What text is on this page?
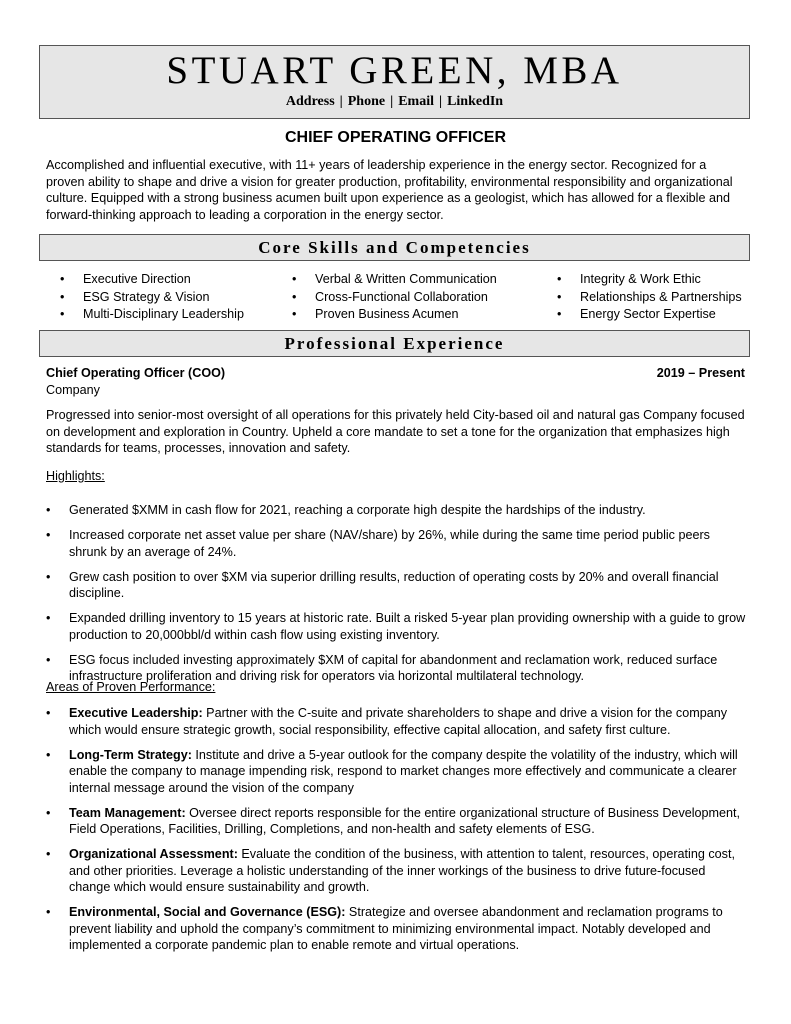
STUART GREEN, MBA
Address | Phone | Email | LinkedIn
CHIEF OPERATING OFFICER
Accomplished and influential executive, with 11+ years of leadership experience in the energy sector. Recognized for a proven ability to shape and drive a vision for greater production, profitability, environmental responsibility and organizational culture. Equipped with a strong business acumen built upon experience as a geologist, which has allowed for a flexible and forward-thinking approach to leading a corporation in the energy sector.
Core Skills and Competencies
• Executive Direction
• ESG Strategy & Vision
• Multi-Disciplinary Leadership
• Verbal & Written Communication
• Cross-Functional Collaboration
• Proven Business Acumen
• Integrity & Work Ethic
• Relationships & Partnerships
• Energy Sector Expertise
Professional Experience
Chief Operating Officer (COO)	2019 – Present
Company
Progressed into senior-most oversight of all operations for this privately held City-based oil and natural gas Company focused on development and exploration in Country. Upheld a core mandate to set a tone for the organization that emphasizes high standards for teams, processes, innovation and safety.
Highlights:
• Generated $XMM in cash flow for 2021, reaching a corporate high despite the hardships of the industry.
• Increased corporate net asset value per share (NAV/share) by 26%, while during the same time period public peers shrunk by an average of 24%.
• Grew cash position to over $XM via superior drilling results, reduction of operating costs by 20% and overall financial discipline.
• Expanded drilling inventory to 15 years at historic rate. Built a risked 5-year plan providing ownership with a guide to grow production to 20,000bbl/d within cash flow using existing inventory.
• ESG focus included investing approximately $XM of capital for abandonment and reclamation work, reduced surface infrastructure proliferation and driving risk for operators via horizontal multilateral technology.
Areas of Proven Performance:
• Executive Leadership: Partner with the C-suite and private shareholders to shape and drive a vision for the company which would ensure strategic growth, social responsibility, effective capital allocation, and safety first culture.
• Long-Term Strategy: Institute and drive a 5-year outlook for the company despite the volatility of the industry, which will enable the company to manage impending risk, respond to market changes more effectively and communicate a clearer internal message around the vision of the company
• Team Management: Oversee direct reports responsible for the entire organizational structure of Business Development, Field Operations, Facilities, Drilling, Completions, and non-health and safety elements of ESG.
• Organizational Assessment: Evaluate the condition of the business, with attention to talent, resources, operating cost, and other priorities. Leverage a holistic understanding of the inner workings of the business to drive future-focused change which would ensure sustainability and growth.
• Environmental, Social and Governance (ESG): Strategize and oversee abandonment and reclamation programs to prevent liability and uphold the company’s commitment to minimizing environmental impact. Notably developed and implemented a corporate pandemic plan to enable remote and virtual operations.
